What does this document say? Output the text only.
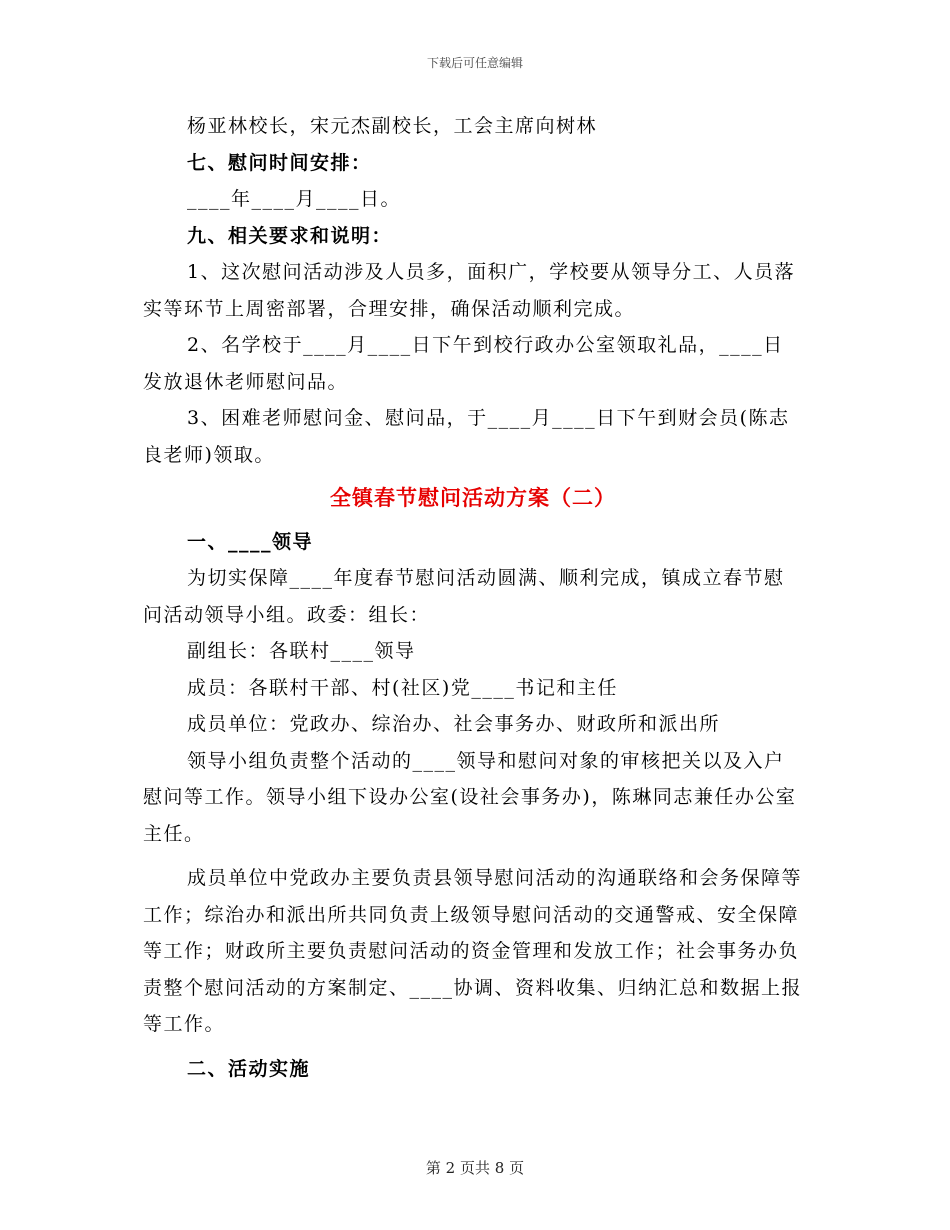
下载后可任意编辑

杨亚林校长，宋元杰副校长，工会主席向树林

七、慰问时间安排：

____年____月____日。

九、相关要求和说明：

1、这次慰问活动涉及人员多，面积广，学校要从领导分工、人员落实等环节上周密部署，合理安排，确保活动顺利完成。

2、名学校于____月____日下午到校行政办公室领取礼品，____日发放退休老师慰问品。

3、困难老师慰问金、慰问品，于____月____日下午到财会员(陈志良老师)领取。

全镇春节慰问活动方案（二）

一、____领导

为切实保障____年度春节慰问活动圆满、顺利完成，镇成立春节慰问活动领导小组。政委：组长：

副组长：各联村____领导

成员：各联村干部、村(社区)党____书记和主任

成员单位：党政办、综治办、社会事务办、财政所和派出所

领导小组负责整个活动的____领导和慰问对象的审核把关以及入户慰问等工作。领导小组下设办公室(设社会事务办)，陈琳同志兼任办公室主任。

成员单位中党政办主要负责县领导慰问活动的沟通联络和会务保障等工作；综治办和派出所共同负责上级领导慰问活动的交通警戒、安全保障等工作；财政所主要负责慰问活动的资金管理和发放工作；社会事务办负责整个慰问活动的方案制定、____协调、资料收集、归纳汇总和数据上报等工作。

二、活动实施

第 2 页共 8 页
